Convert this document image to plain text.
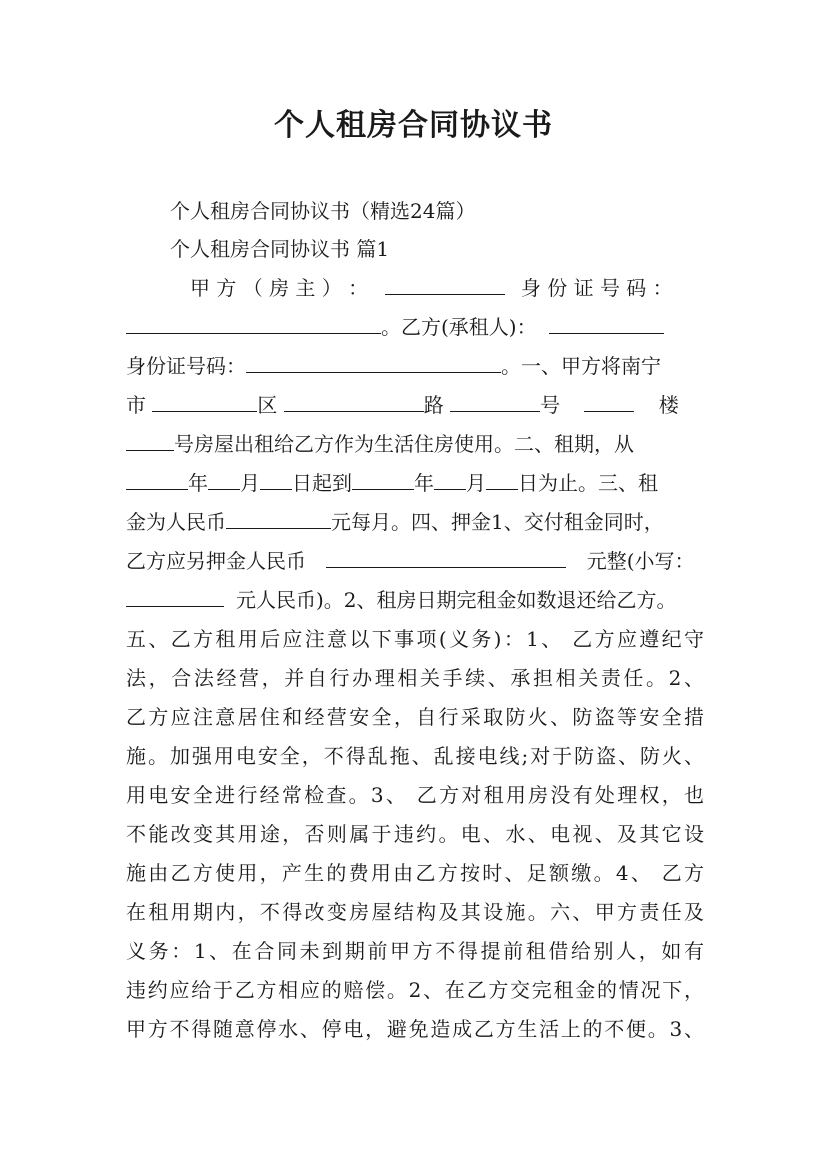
个人租房合同协议书
个人租房合同协议书（精选24篇）
个人租房合同协议书 篇1
甲 方 （ 房 主 ） ：	身 份 证 号 码 ：
。乙方(承租人)：
身份证号码：	。一、甲方将南宁
市	区	路	号	楼
号房屋出租给乙方作为生活住房使用。二、租期，从
年 月 日起到	年 月 日为止。三、租
金为人民币	元每月。四、押金1、交付租金同时，
乙方应另押金人民币	元整(小写：
元人民币)。2、租房日期完租金如数退还给乙方。
五、乙方租用后应注意以下事项(义务)：1、 乙方应遵纪守
法，合法经营，并自行办理相关手续、承担相关责任。2、
乙方应注意居住和经营安全，自行采取防火、防盗等安全措
施。加强用电安全，不得乱拖、乱接电线;对于防盗、防火、
用电安全进行经常检查。3、 乙方对租用房没有处理权，也
不能改变其用途，否则属于违约。电、水、电视、及其它设
施由乙方使用，产生的费用由乙方按时、足额缴。4、 乙方
在租用期内，不得改变房屋结构及其设施。六、甲方责任及
义务：1、在合同未到期前甲方不得提前租借给别人，如有
违约应给于乙方相应的赔偿。2、在乙方交完租金的情况下，
甲方不得随意停水、停电，避免造成乙方生活上的不便。3、
